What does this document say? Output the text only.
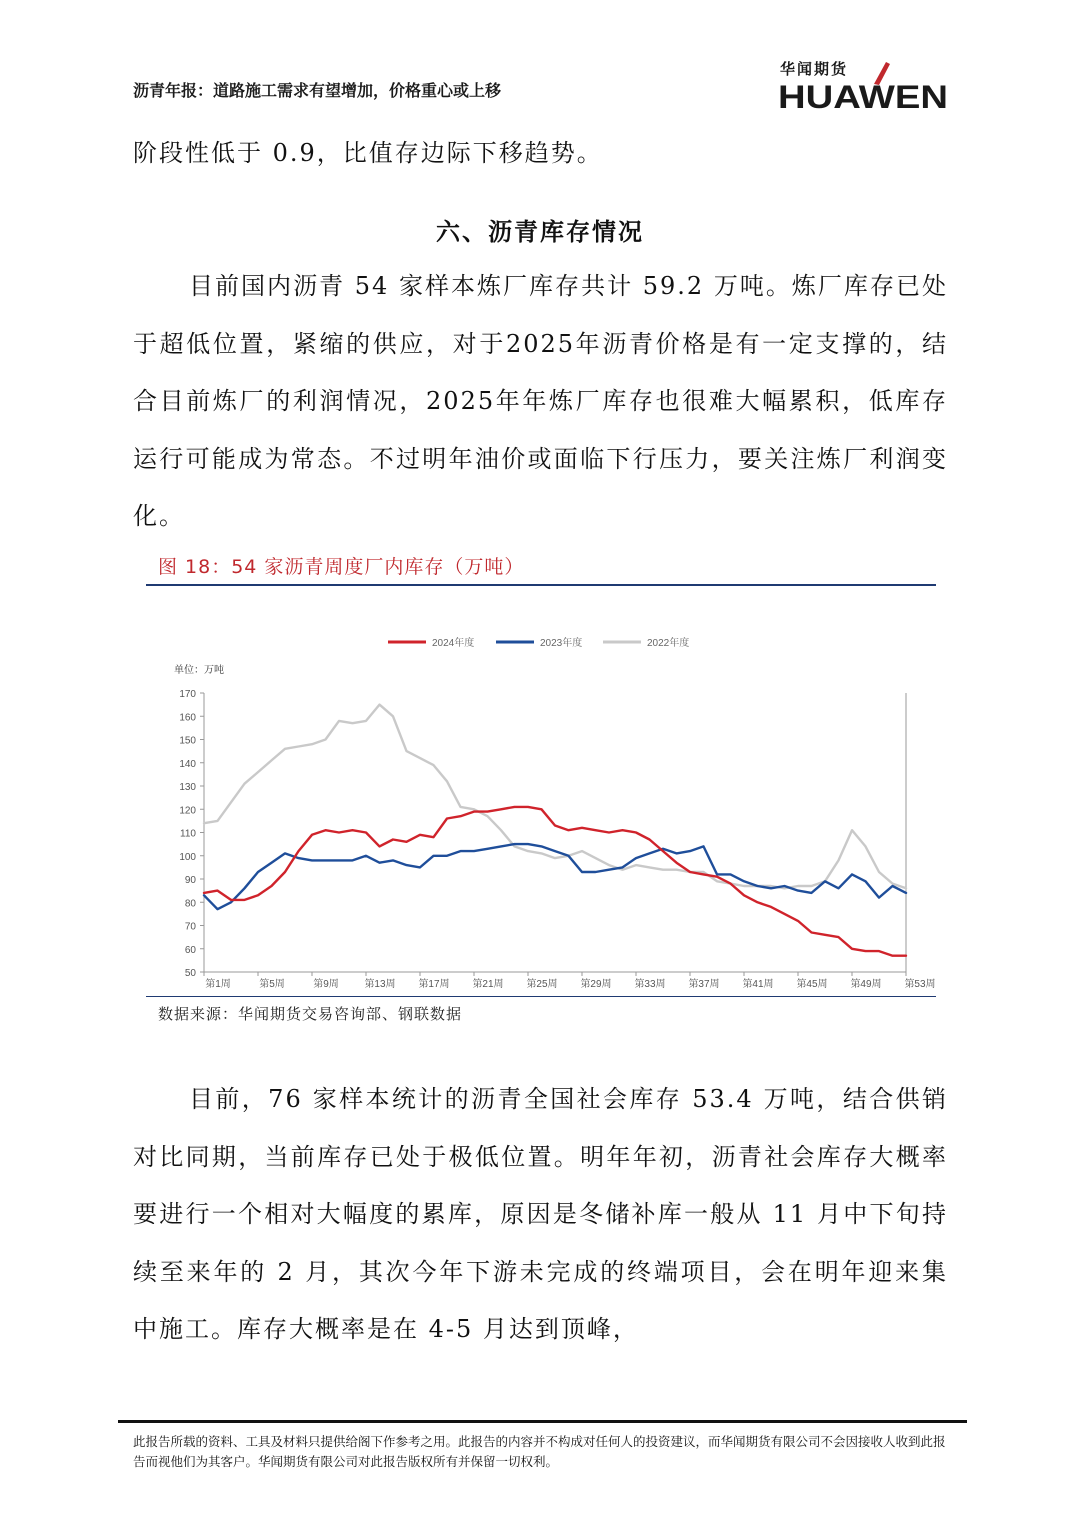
沥青年报：道路施工需求有望增加，价格重心或上移
华闻期货
HUAWEN

阶段性低于 0.9，比值存边际下移趋势。

六、沥青库存情况

目前国内沥青 54 家样本炼厂库存共计 59.2 万吨。炼厂库存已处于超低位置，紧缩的供应，对于2025年沥青价格是有一定支撑的，结合目前炼厂的利润情况，2025年年炼厂库存也很难大幅累积，低库存运行可能成为常态。不过明年油价或面临下行压力，要关注炼厂利润变化。

图 18：54 家沥青周度厂内库存（万吨）
单位：万吨
50
60
70
80
90
100
110
120
130
140
150
160
170
第1周	第5周	第9周	第13周 第17周 第21周 第25周 第29周 第33周 第37周 第41周 第45周 第49周 第53周
2024年度	2023年度	2022年度
数据来源：华闻期货交易咨询部、钢联数据

目前，76 家样本统计的沥青全国社会库存 53.4 万吨，结合供销对比同期，当前库存已处于极低位置。明年年初，沥青社会库存大概率要进行一个相对大幅度的累库，原因是冬储补库一般从 11 月中下旬持续至来年的 2 月，其次今年下游未完成的终端项目，会在明年迎来集中施工。库存大概率是在 4-5 月达到顶峰，

此报告所载的资料、工具及材料只提供给阁下作参考之用。此报告的内容并不构成对任何人的投资建议，而华闻期货有限公司不会因接收人收到此报告而视他们为其客户。华闻期货有限公司对此报告版权所有并保留一切权利。
